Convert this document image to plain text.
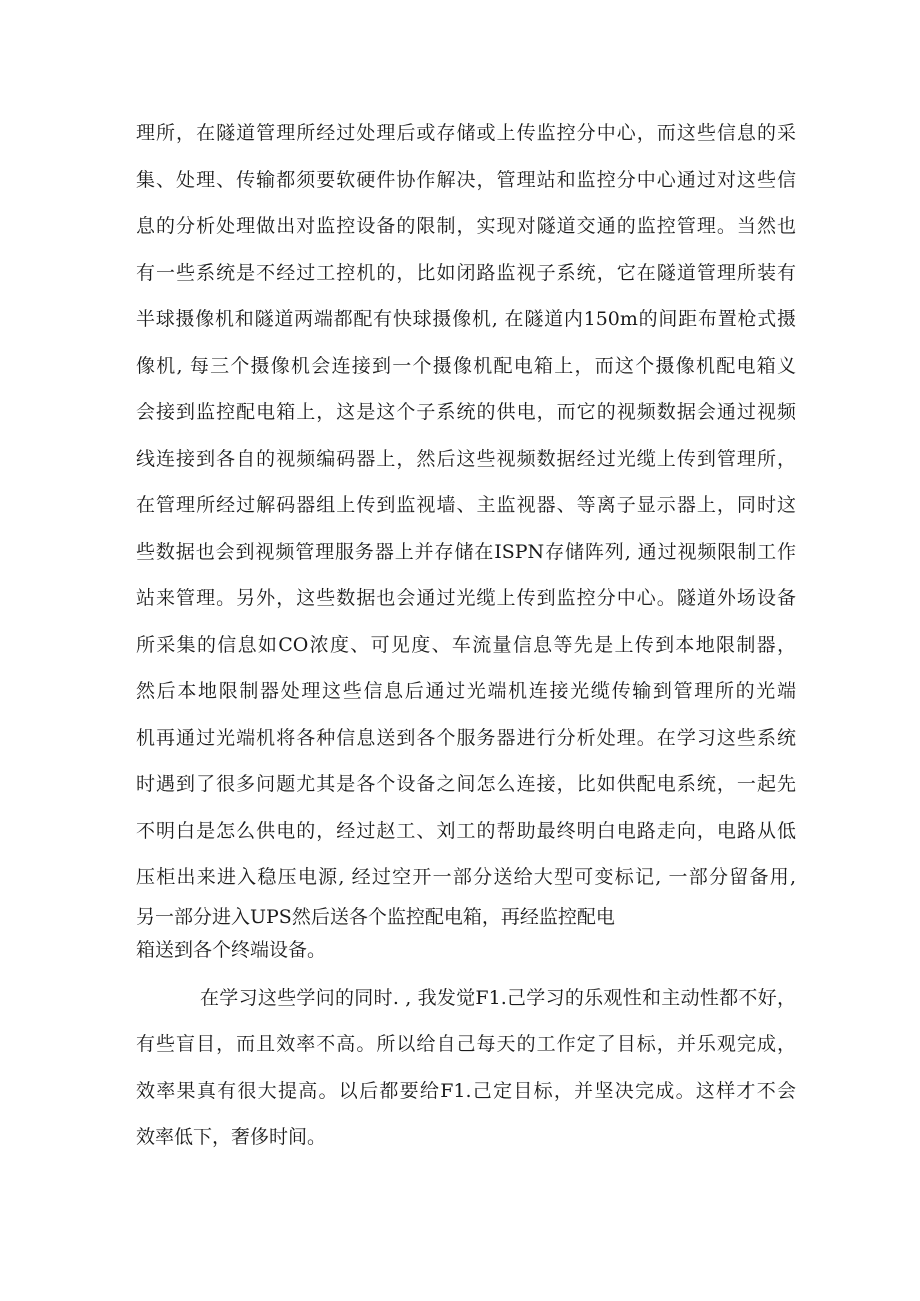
理所，在隧道管理所经过处理后或存储或上传监控分中心，而这些信息的采
集、处理、传输都须要软硬件协作解决，管理站和监控分中心通过对这些信
息的分析处理做出对监控设备的限制，实现对隧道交通的监控管理。当然也
有一些系统是不经过工控机的，比如闭路监视子系统，它在隧道管理所装有
半球摄像机和隧道两端都配有快球摄像机, 在隧道内150m的间距布置枪式摄
像机, 每三个摄像机会连接到一个摄像机配电箱上，而这个摄像机配电箱义
会接到监控配电箱上，这是这个子系统的供电，而它的视频数据会通过视频
线连接到各自的视频编码器上，然后这些视频数据经过光缆上传到管理所，
在管理所经过解码器组上传到监视墙、主监视器、等离子显示器上，同时这
些数据也会到视频管理服务器上并存储在ISPN存储阵列, 通过视频限制工作
站来管理。另外，这些数据也会通过光缆上传到监控分中心。隧道外场设备
所采集的信息如CO浓度、可见度、车流量信息等先是上传到本地限制器，
然后本地限制器处理这些信息后通过光端机连接光缆传输到管理所的光端
机再通过光端机将各种信息送到各个服务器进行分析处理。在学习这些系统
时遇到了很多问题尤其是各个设备之间怎么连接，比如供配电系统，一起先
不明白是怎么供电的，经过赵工、刘工的帮助最终明白电路走向，电路从低
压柜出来进入稳压电源, 经过空开一部分送给大型可变标记, 一部分留备用,
另一部分进入UPS然后送各个监控配电箱，再经监控配电
箱送到各个终端设备。
在学习这些学问的同时. , 我发觉F1.己学习的乐观性和主动性都不好，
有些盲目，而且效率不高。所以给自己每天的工作定了目标，并乐观完成，
效率果真有很大提高。以后都要给F1.己定目标，并坚决完成。这样才不会
效率低下，奢侈时间。
